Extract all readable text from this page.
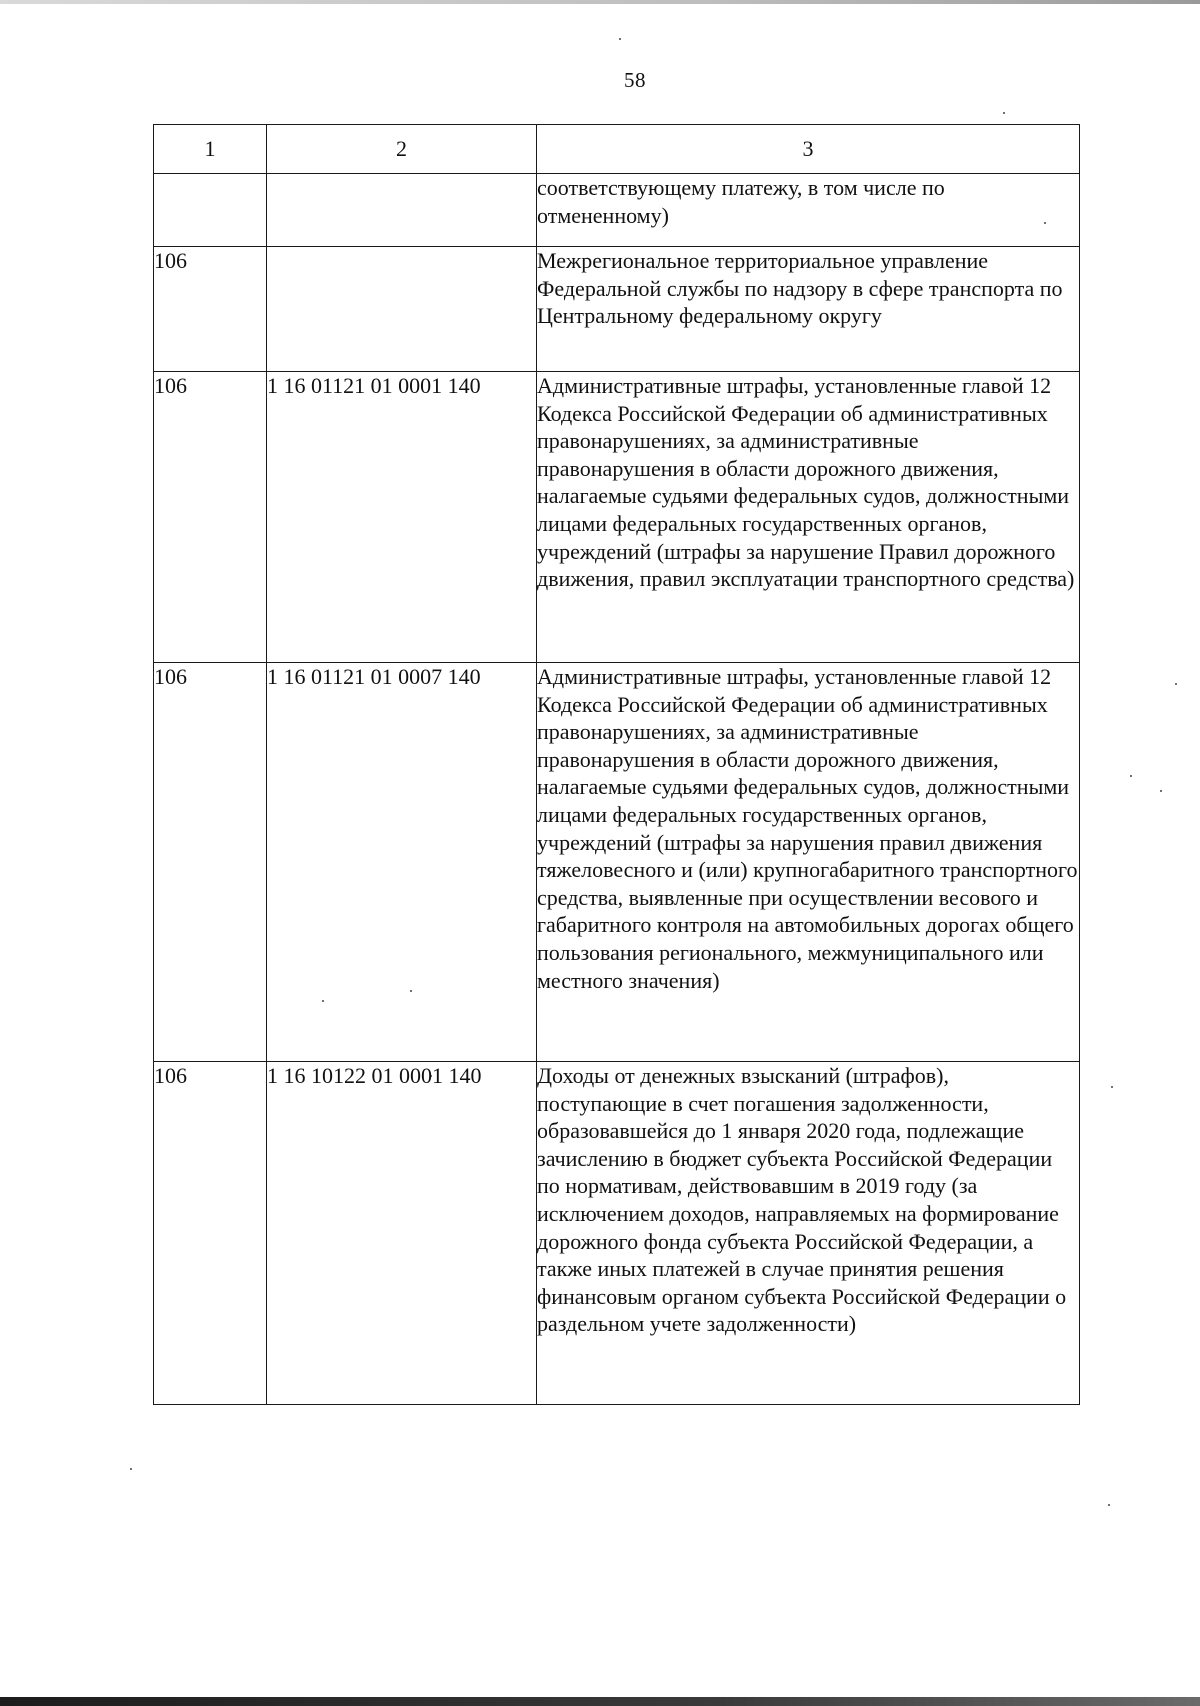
58
1	2	3
		соответствующему платежу, в том числе по отмененному)
106		Межрегиональное территориальное управление Федеральной службы по надзору в сфере транспорта по Центральному федеральному округу
106	1 16 01121 01 0001 140	Административные штрафы, установленные главой 12 Кодекса Российской Федерации об административных правонарушениях, за административные правонарушения в области дорожного движения, налагаемые судьями федеральных судов, должностными лицами федеральных государственных органов, учреждений (штрафы за нарушение Правил дорожного движения, правил эксплуатации транспортного средства)
106	1 16 01121 01 0007 140	Административные штрафы, установленные главой 12 Кодекса Российской Федерации об административных правонарушениях, за административные правонарушения в области дорожного движения, налагаемые судьями федеральных судов, должностными лицами федеральных государственных органов, учреждений (штрафы за нарушения правил движения тяжеловесного и (или) крупногабаритного транспортного средства, выявленные при осуществлении весового и габаритного контроля на автомобильных дорогах общего пользования регионального, межмуниципального или местного значения)
106	1 16 10122 01 0001 140	Доходы от денежных взысканий (штрафов), поступающие в счет погашения задолженности, образовавшейся до 1 января 2020 года, подлежащие зачислению в бюджет субъекта Российской Федерации по нормативам, действовавшим в 2019 году (за исключением доходов, направляемых на формирование дорожного фонда субъекта Российской Федерации, а также иных платежей в случае принятия решения финансовым органом субъекта Российской Федерации о раздельном учете задолженности)
